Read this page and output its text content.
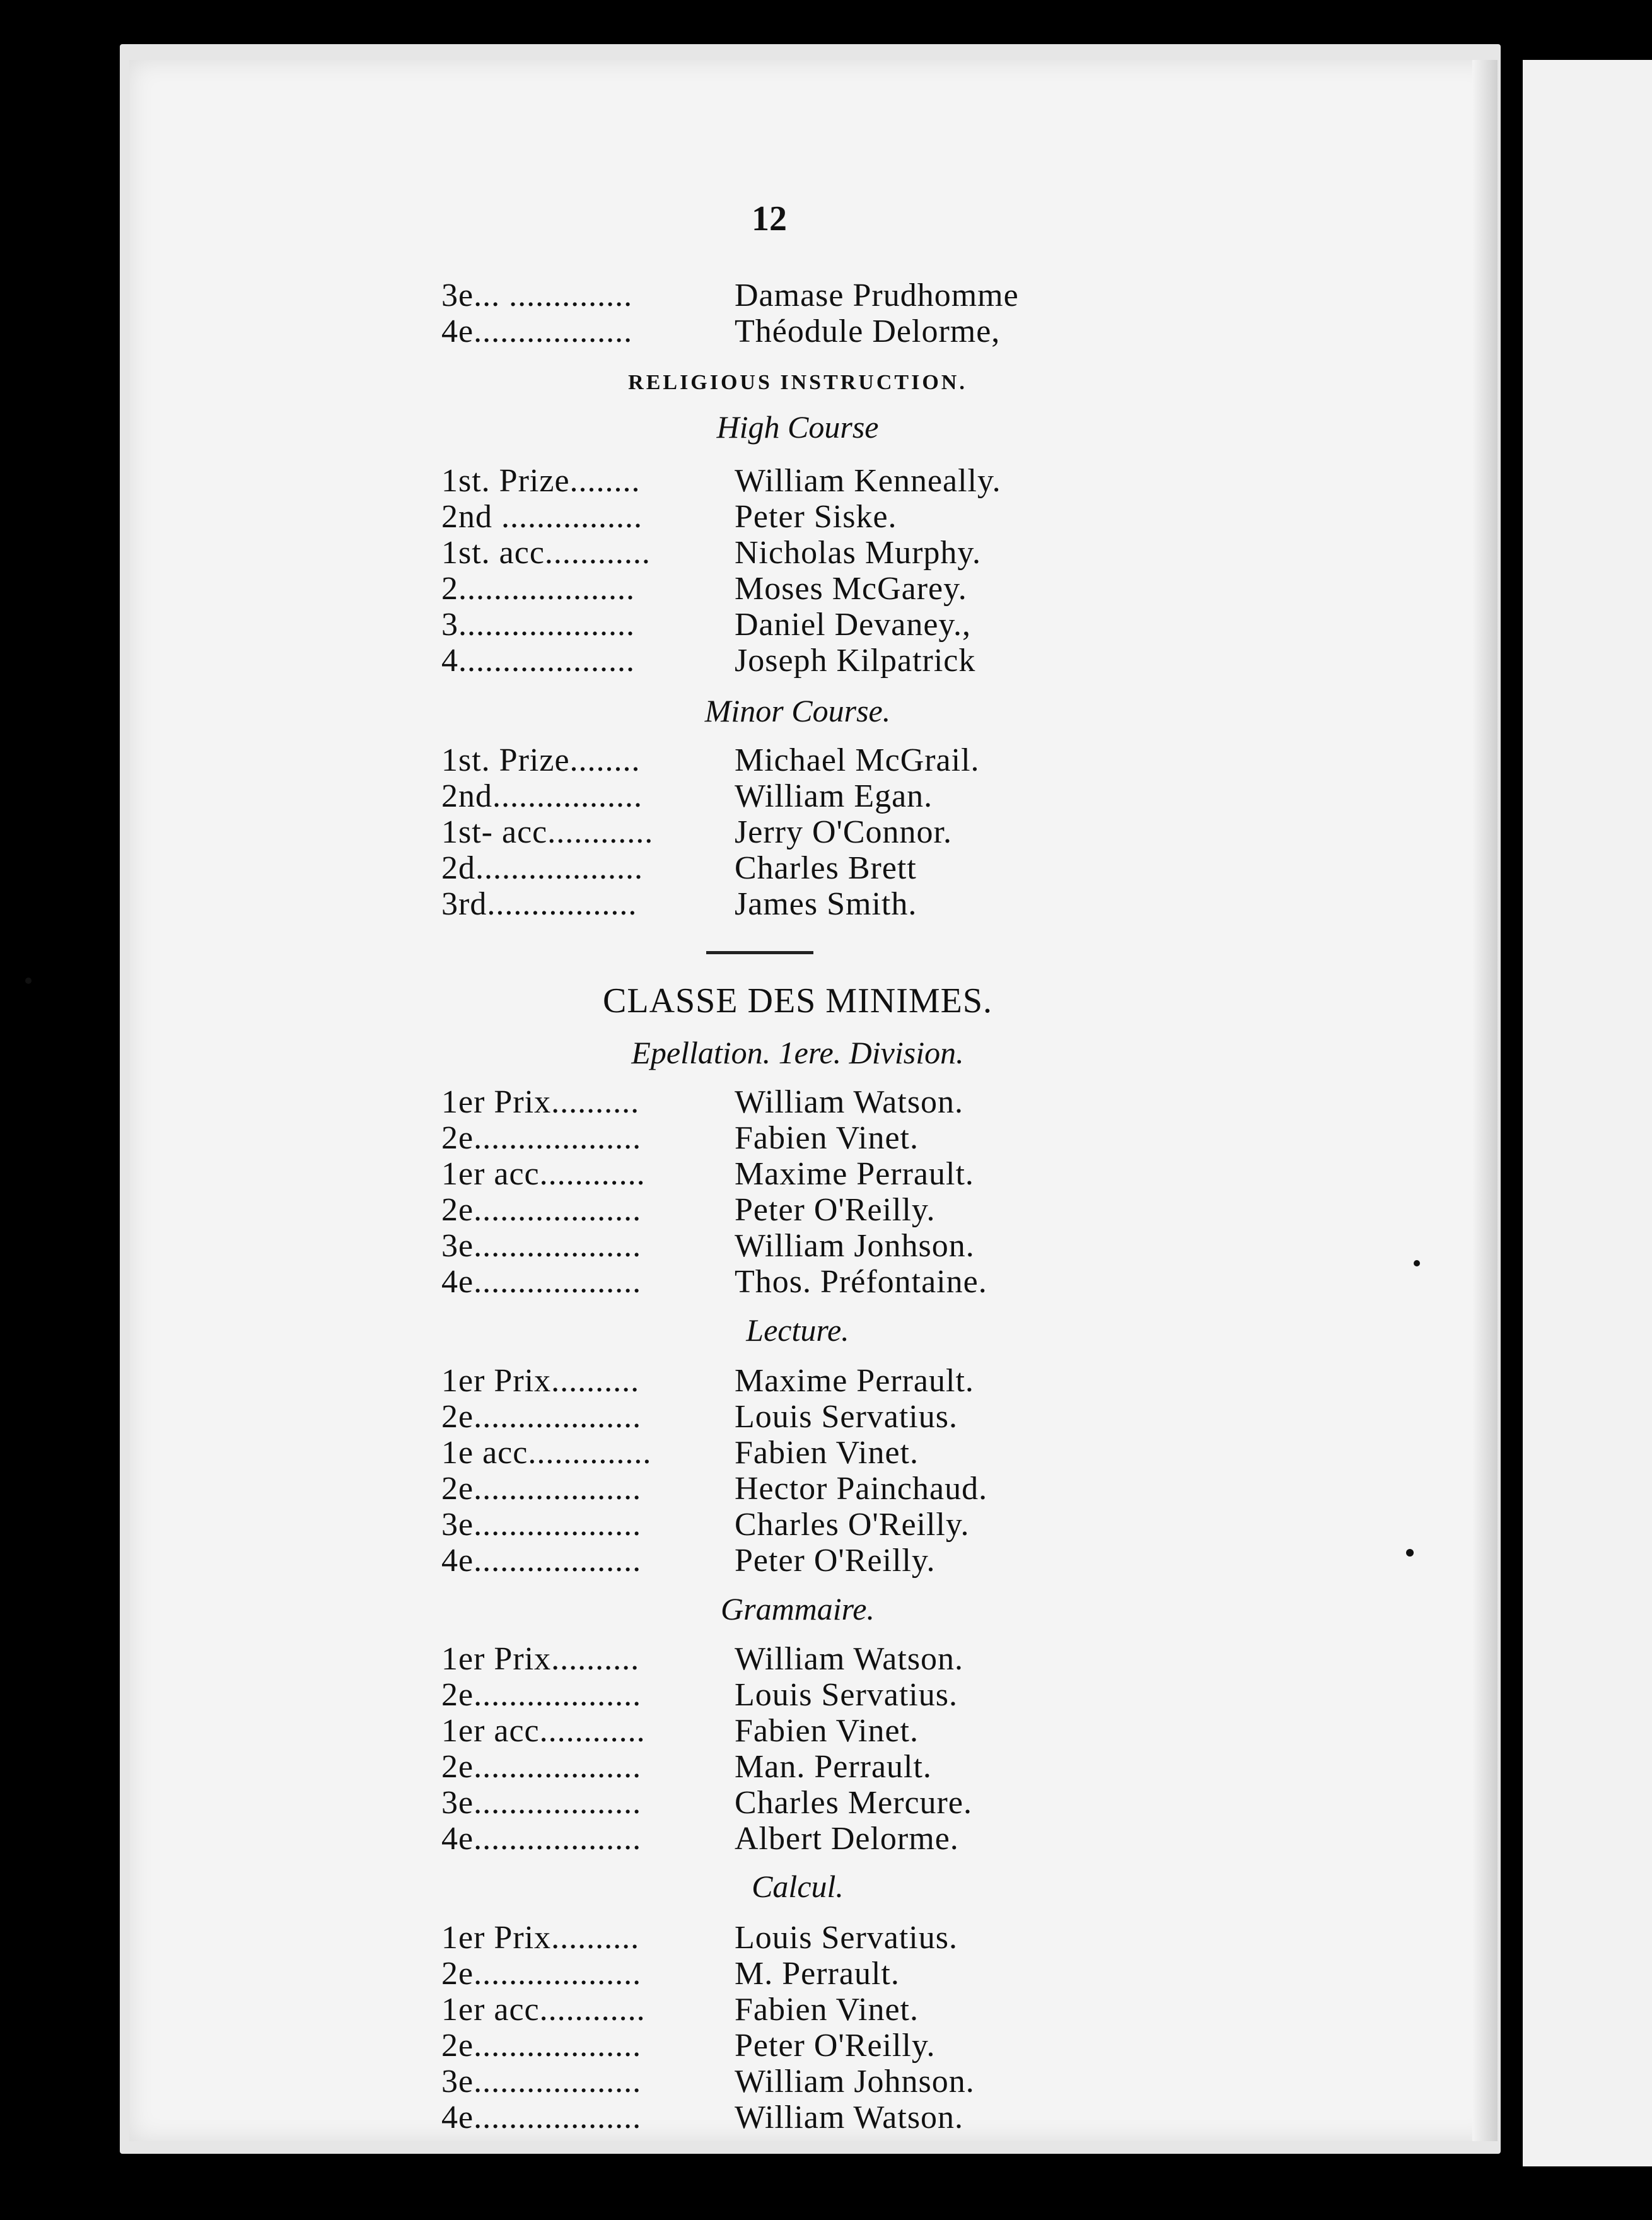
12
3e... ..............	Damase Prudhomme
4e..................	Théodule Delorme,
RELIGIOUS INSTRUCTION.
High Course
1st. Prize........	William Kenneally.
2nd ................	Peter Siske.
1st. acc............	Nicholas Murphy.
2....................	Moses McGarey.
3....................	Daniel Devaney.,
4....................	Joseph Kilpatrick
Minor Course.
1st. Prize........	Michael McGrail.
2nd.................	William Egan.
1st- acc............	Jerry O'Connor.
2d...................	Charles Brett
3rd.................	James Smith.
CLASSE DES MINIMES.
Epellation. 1ere. Division.
1er Prix..........	William Watson.
2e...................	Fabien Vinet.
1er acc............	Maxime Perrault.
2e...................	Peter O'Reilly.
3e...................	William Jonhson.
4e...................	Thos. Préfontaine.
Lecture.
1er Prix..........	Maxime Perrault.
2e...................	Louis Servatius.
1e acc..............	Fabien Vinet.
2e...................	Hector Painchaud.
3e...................	Charles O'Reilly.
4e...................	Peter O'Reilly.
Grammaire.
1er Prix..........	William Watson.
2e...................	Louis Servatius.
1er acc............	Fabien Vinet.
2e...................	Man. Perrault.
3e...................	Charles Mercure.
4e...................	Albert Delorme.
Calcul.
1er Prix..........	Louis Servatius.
2e...................	M. Perrault.
1er acc............	Fabien Vinet.
2e...................	Peter O'Reilly.
3e...................	William Johnson.
4e...................	William Watson.
